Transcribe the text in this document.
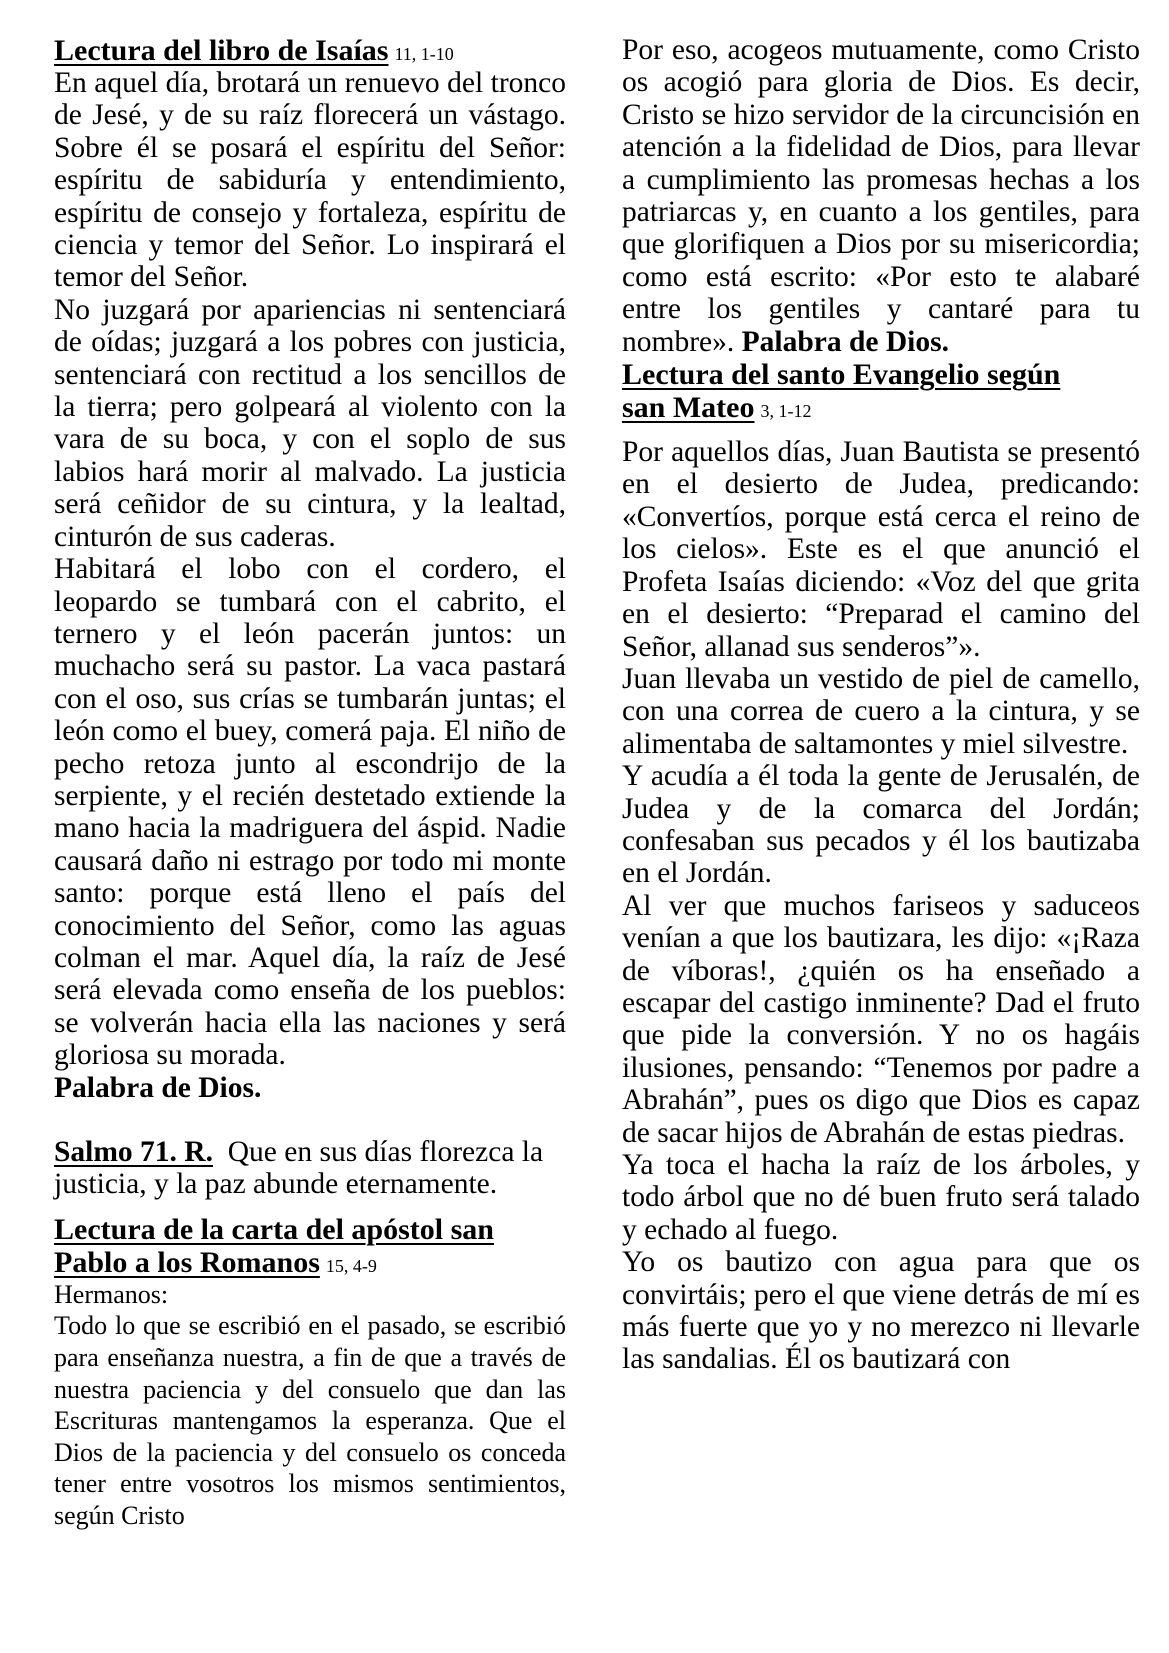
Lectura del libro de Isaías 11, 1-10

En aquel día, brotará un renuevo del tronco de Jesé, y de su raíz florecerá un vástago. Sobre él se posará el espíritu del Señor: espíritu de sabiduría y entendimiento, espíritu de consejo y fortaleza, espíritu de ciencia y temor del Señor. Lo inspirará el temor del Señor.

No juzgará por apariencias ni sentenciará de oídas; juzgará a los pobres con justicia, sentenciará con rectitud a los sencillos de la tierra; pero golpeará al violento con la vara de su boca, y con el soplo de sus labios hará morir al malvado. La justicia será ceñidor de su cintura, y la lealtad, cinturón de sus caderas.

Habitará el lobo con el cordero, el leopardo se tumbará con el cabrito, el ternero y el león pacerán juntos: un muchacho será su pastor. La vaca pastará con el oso, sus crías se tumbarán juntas; el león como el buey, comerá paja. El niño de pecho retoza junto al escondrijo de la serpiente, y el recién destetado extiende la mano hacia la madriguera del áspid. Nadie causará daño ni estrago por todo mi monte santo: porque está lleno el país del conocimiento del Señor, como las aguas colman el mar. Aquel día, la raíz de Jesé será elevada como enseña de los pueblos: se volverán hacia ella las naciones y será gloriosa su morada.

Palabra de Dios.

Salmo 71. R. Que en sus días florezca la justicia, y la paz abunde eternamente.

Lectura de la carta del apóstol san
Pablo a los Romanos 15, 4-9

Hermanos:

Todo lo que se escribió en el pasado, se escribió para enseñanza nuestra, a fin de que a través de nuestra paciencia y del consuelo que dan las Escrituras mantengamos la esperanza. Que el Dios de la paciencia y del consuelo os conceda tener entre vosotros los mismos sentimientos, según Cristo

Por eso, acogeos mutuamente, como Cristo os acogió para gloria de Dios. Es decir, Cristo se hizo servidor de la circuncisión en atención a la fidelidad de Dios, para llevar a cumplimiento las promesas hechas a los patriarcas y, en cuanto a los gentiles, para que glorifiquen a Dios por su misericordia; como está escrito: «Por esto te alabaré entre los gentiles y cantaré para tu nombre». Palabra de Dios.

Lectura del santo Evangelio según
san Mateo 3, 1-12

Por aquellos días, Juan Bautista se presentó en el desierto de Judea, predicando: «Convertíos, porque está cerca el reino de los cielos». Este es el que anunció el Profeta Isaías diciendo: «Voz del que grita en el desierto: “Preparad el camino del Señor, allanad sus senderos”».

Juan llevaba un vestido de piel de camello, con una correa de cuero a la cintura, y se alimentaba de saltamontes y miel silvestre.

Y acudía a él toda la gente de Jerusalén, de Judea y de la comarca del Jordán; confesaban sus pecados y él los bautizaba en el Jordán.

Al ver que muchos fariseos y saduceos venían a que los bautizara, les dijo: «¡Raza de víboras!, ¿quién os ha enseñado a escapar del castigo inminente? Dad el fruto que pide la conversión. Y no os hagáis ilusiones, pensando: “Tenemos por padre a Abrahán”, pues os digo que Dios es capaz de sacar hijos de Abrahán de estas piedras.

Ya toca el hacha la raíz de los árboles, y todo árbol que no dé buen fruto será talado y echado al fuego.

Yo os bautizo con agua para que os convirtáis; pero el que viene detrás de mí es más fuerte que yo y no merezco ni llevarle las sandalias. Él os bautizará con
